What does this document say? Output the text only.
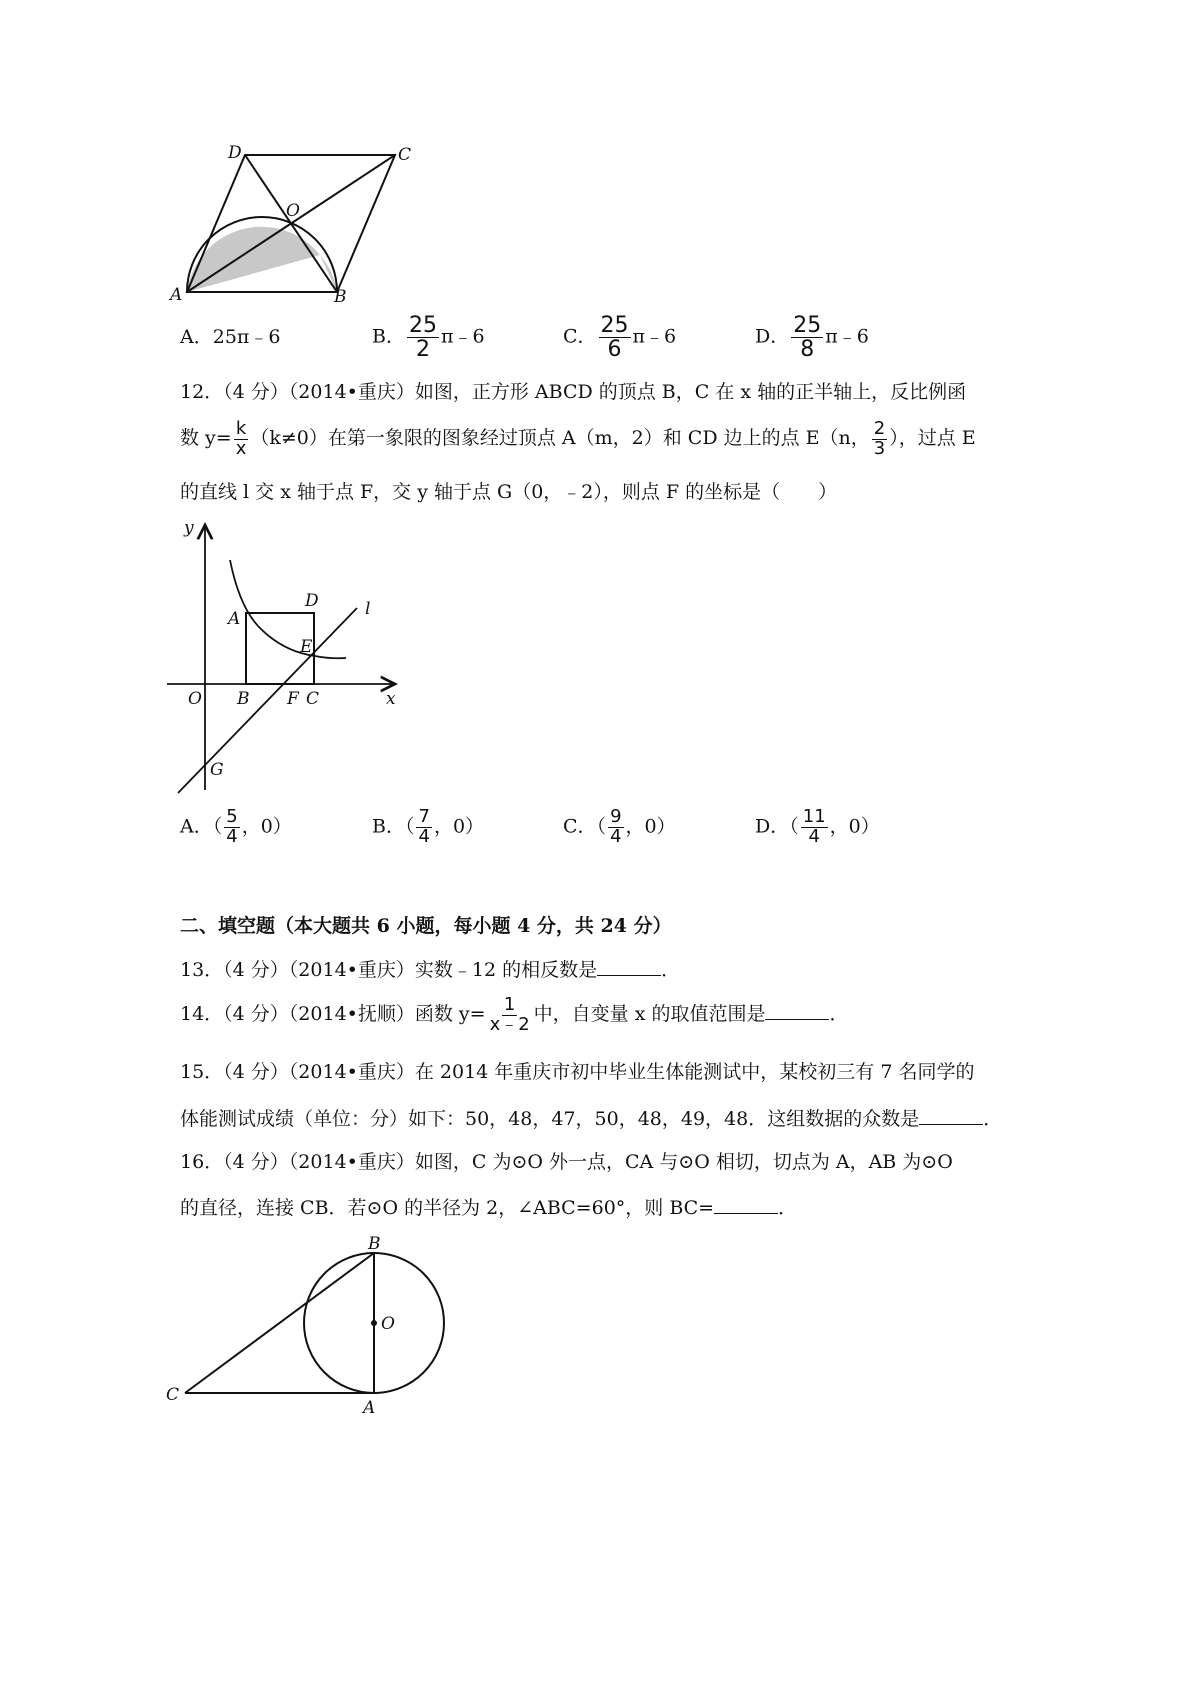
D	C
O
A	B
A．25π﹣6	B． $\frac{25}{2}$ π﹣6	C． $\frac{25}{6}$ π﹣6	D． $\frac{25}{8}$ π﹣6
12．（4 分）（2014•重庆）如图，正方形 ABCD 的顶点 B，C 在 x 轴的正半轴上，反比例函
数 $y= \frac{k}{x} (k\ne 0)$在第一象限的图象经过顶点 A（m，2）和 CD 边上的点 E（n， $\frac{2}{3}$ ），过点 E
的直线 l 交 x 轴于点 F，交 y 轴于点 G（0，﹣2），则点 F 的坐标是（　　）
y
x
O
A
B
D
E
F C
G
l
A．（ $\frac{5}{4}$ ，0）	B．（ $\frac{7}{4}$ ，0）	C．（ $\frac{9}{4}$ ，0）	D．（ $\frac{11}{4}$ ，0）
二、填空题（本大题共 6 小题，每小题 4 分，共 24 分）
13．（4 分）（2014•重庆）实数﹣12 的相反数是	．
14．（4 分）（2014•抚顺）函数 $y= \frac{1}{x﹣2}$ 中，自变量 x 的取值范围是	．
15．（4 分）（2014•重庆）在 2014 年重庆市初中毕业生体能测试中，某校初三有 7 名同学的
体能测试成绩（单位：分）如下：50，48，47，50，48，49，48．这组数据的众数是	．
16．（4 分）（2014•重庆）如图，C 为⊙O 外一点，CA 与⊙O 相切，切点为 A，AB 为⊙O
的直径，连接 CB．若⊙O 的半径为 2，∠ABC=60°，则 BC=	．
B
O
C
A
